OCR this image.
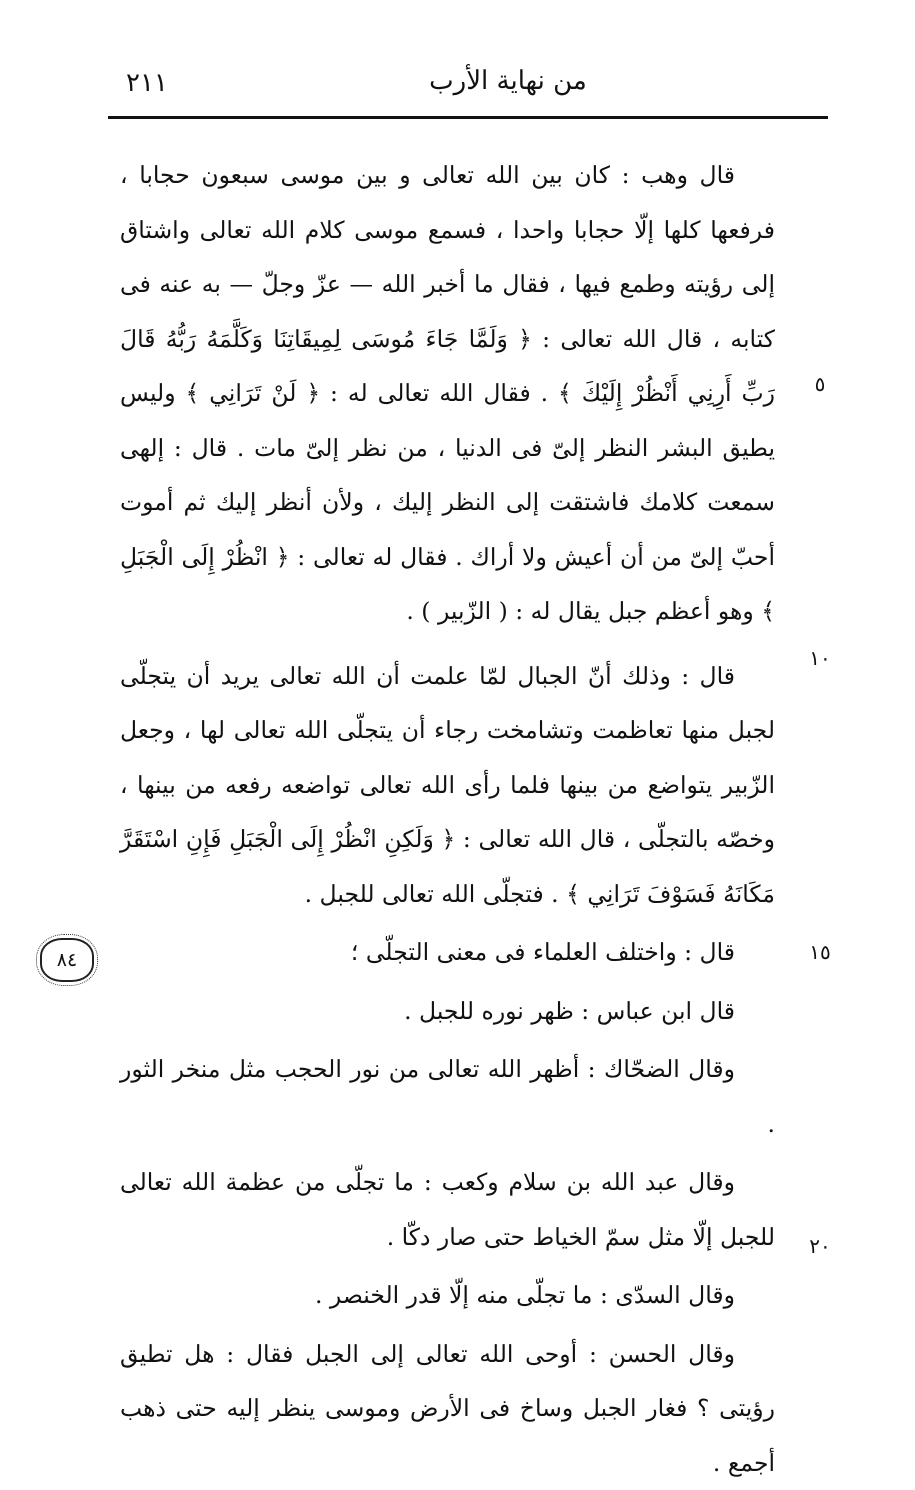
٢١١	من نهاية الأرب

قال وهب : كان بين الله تعالى و بين موسى سبعون حجابا ، فرفعها كلها إلّا حجابا واحدا ، فسمع موسى كلام الله تعالى واشتاق إلى رؤيته وطمع فيها ، فقال ما أخبر الله — عزّ وجلّ — به عنه فى كتابه ، قال الله تعالى : ﴿ وَلَمَّا جَاءَ مُوسَى لِمِيقَاتِنَا وَكَلَّمَهُ رَبُّهُ قَالَ رَبِّ أَرِنِي أَنْظُرْ إِلَيْكَ ﴾ . فقال الله تعالى له : ﴿ لَنْ تَرَانِي ﴾ وليس يطيق البشر النظر إلىّ فى الدنيا ، من نظر إلىّ مات . قال : إلهى سمعت كلامك فاشتقت إلى النظر إليك ، ولأن أنظر إليك ثم أموت أحبّ إلىّ من أن أعيش ولا أراك . فقال له تعالى : ﴿ انْظُرْ إِلَى الْجَبَلِ ﴾ وهو أعظم جبل يقال له : ( الزّبير ) .

قال : وذلك أنّ الجبال لمّا علمت أن الله تعالى يريد أن يتجلّى لجبل منها تعاظمت وتشامخت رجاء أن يتجلّى الله تعالى لها ، وجعل الزّبير يتواضع من بينها فلما رأى الله تعالى تواضعه رفعه من بينها ، وخصّه بالتجلّى ، قال الله تعالى : ﴿ وَلَكِنِ انْظُرْ إِلَى الْجَبَلِ فَإِنِ اسْتَقَرَّ مَكَانَهُ فَسَوْفَ تَرَانِي ﴾ . فتجلّى الله تعالى للجبل .

قال : واختلف العلماء فى معنى التجلّى ؛

قال ابن عباس : ظهر نوره للجبل .

وقال الضحّاك : أظهر الله تعالى من نور الحجب مثل منخر الثور .

وقال عبد الله بن سلام وكعب : ما تجلّى من عظمة الله تعالى للجبل إلّا مثل سمّ الخياط حتى صار دكّا .

وقال السدّى : ما تجلّى منه إلّا قدر الخنصر .

وقال الحسن : أوحى الله تعالى إلى الجبل فقال : هل تطيق رؤيتى ؟ فغار الجبل وساخ فى الأرض وموسى ينظر إليه حتى ذهب أجمع .

٥
١٠
١٥
٢٠
٨٤
